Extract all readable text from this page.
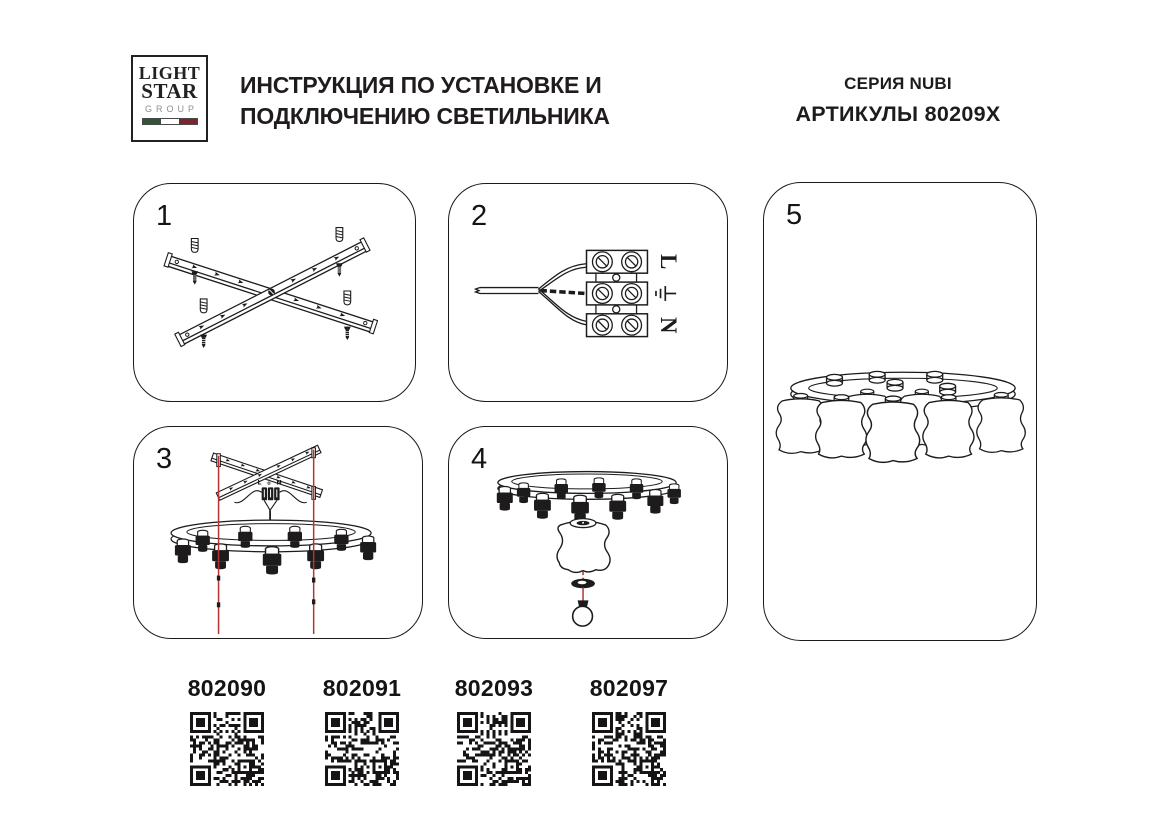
LIGHT
STAR
GROUP
ИНСТРУКЦИЯ ПО УСТАНОВКЕ И
ПОДКЛЮЧЕНИЮ СВЕТИЛЬНИКА
СЕРИЯ NUBI
АРТИКУЛЫ 80209X
1
L
N
2
L ⏚ N
3	4
5
802090	802091	802093	802097
